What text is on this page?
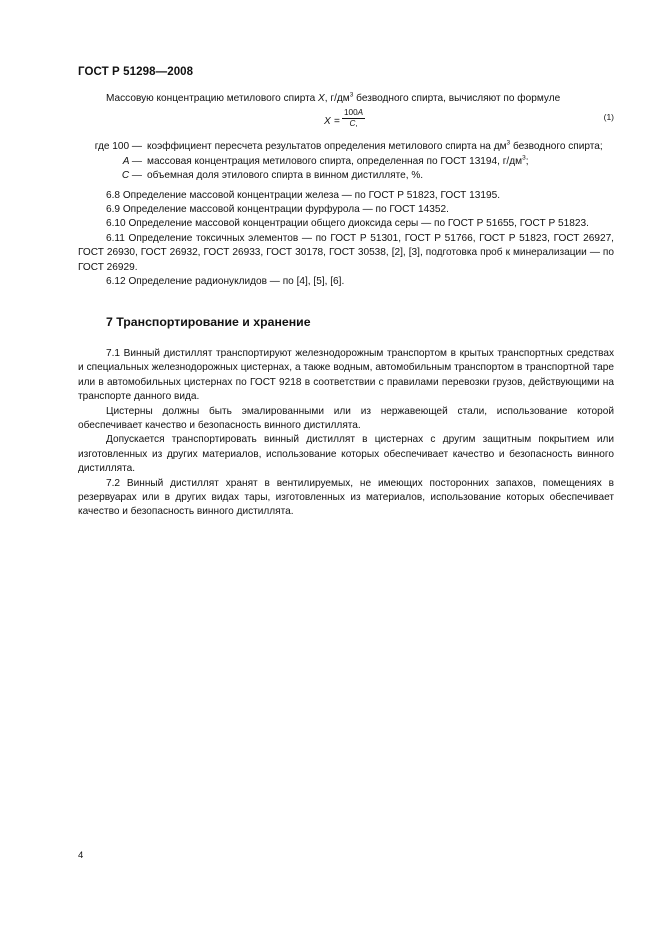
ГОСТ Р 51298—2008

Массовую концентрацию метилового спирта X, $г/дм^3$ безводного спирта, вычисляют по формуле

$X = \frac{100A}{C,}$	(1)
где 100 — коэффициент пересчета результатов определения метилового спирта на $дм^3$ безводного спирта;
A — массовая концентрация метилового спирта, определенная по ГОСТ 13194, $г/дм^3$;
C — объемная доля этилового спирта в винном дистилляте, %.

6.8 Определение массовой концентрации железа — по ГОСТ Р 51823, ГОСТ 13195.

6.9 Определение массовой концентрации фурфурола — по ГОСТ 14352.

6.10 Определение массовой концентрации общего диоксида серы — по ГОСТ Р 51655, ГОСТ Р 51823.

6.11 Определение токсичных элементов — по ГОСТ Р 51301, ГОСТ Р 51766, ГОСТ Р 51823, ГОСТ 26927, ГОСТ 26930, ГОСТ 26932, ГОСТ 26933, ГОСТ 30178, ГОСТ 30538, [2], [3], подготовка проб к минерализации — по ГОСТ 26929.

6.12 Определение радионуклидов — по [4], [5], [6].

7 Транспортирование и хранение

7.1 Винный дистиллят транспортируют железнодорожным транспортом в крытых транспортных средствах и специальных железнодорожных цистернах, а также водным, автомобильным транспортом в транспортной таре или в автомобильных цистернах по ГОСТ 9218 в соответствии с правилами перевозки грузов, действующими на транспорте данного вида.

Цистерны должны быть эмалированными или из нержавеющей стали, использование которой обеспечивает качество и безопасность винного дистиллята.

Допускается транспортировать винный дистиллят в цистернах с другим защитным покрытием или изготовленных из других материалов, использование которых обеспечивает качество и безопасность винного дистиллята.

7.2 Винный дистиллят хранят в вентилируемых, не имеющих посторонних запахов, помещениях в резервуарах или в других видах тары, изготовленных из материалов, использование которых обеспечивает качество и безопасность винного дистиллята.

4
